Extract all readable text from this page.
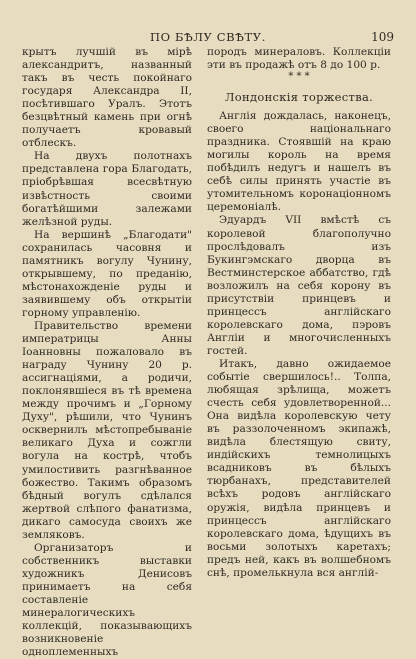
ПО БѢЛУ СВѢТУ.	109

крытъ лучшій въ мірѣ александритъ, названный такъ въ честь покойнаго государя Александра II, посѣтившаго Уралъ. Этотъ безцвѣтный камень при огнѣ получаетъ кровавый отблескъ.

На двухъ полотнахъ представлена гора Благодать, прiобрѣвшая всесвѣтную извѣстность своими богатѣйшими залежами желѣзной руды.

На вершинѣ „Благодати" сохранилась часовня и памятникъ вогулу Чунину, открывшему, по преданію, мѣстонахожденіе руды и заявившему объ открытіи горному управленію.

Правительство времени императрицы Анны Іоанновны пожаловало въ награду Чунину 20 р. ассигнаціями, а родичи, поклонявшіеся въ тѣ времена между прочимъ и „Горному Духу", рѣшили, что Чунинъ осквернилъ мѣстопребываніе великаго Духа и сожгли вогула на кострѣ, чтобъ умилостивить разгнѣванное божество. Такимъ образомъ бѣдный вогулъ сдѣлался жертвой слѣпого фанатизма, дикаго самосуда своихъ же земляковъ.

Организаторъ и собственникъ выставки художникъ Денисовъ принимаетъ на себя составленіе минералогическихъ коллекцій, показывающихъ возникновеніе одноплеменныхъ

породъ минераловъ. Коллекціи эти въ продажѣ отъ 8 до 100 р.

* * *
Лондонскія торжества.

Англія дождалась, наконецъ, своего національнаго праздника. Стоявшій на краю могилы король на время побѣдилъ недугъ и нашелъ въ себѣ силы принять участіе въ утомительномъ коронаціонномъ церемоніалѣ.

Эдуардъ VII вмѣстѣ съ королевой благополучно прослѣдовалъ изъ Букингэмскаго дворца въ Вестминстерское аббатство, гдѣ возложилъ на себя корону въ присутствіи принцевъ и принцессъ англійскаго королевскаго дома, пэровъ Англіи и многочисленныхъ гостей.

Итакъ, давно ожидаемое событіе свершилось!.. Толпа, любящая зрѣлища, можетъ счесть себя удовлетворенной... Она видѣла королевскую чету въ раззолоченномъ экипажѣ, видѣла блестящую свиту, индійскихъ темнолицыхъ всадниковъ въ бѣлыхъ тюрбанахъ, представителей всѣхъ родовъ англійскаго оружія, видѣла принцевъ и принцессъ англійскаго королевскаго дома, ѣдущихъ въ восьми золотыхъ каретахъ; предъ ней, какъ въ волшебномъ снѣ, промелькнула вся англій-
